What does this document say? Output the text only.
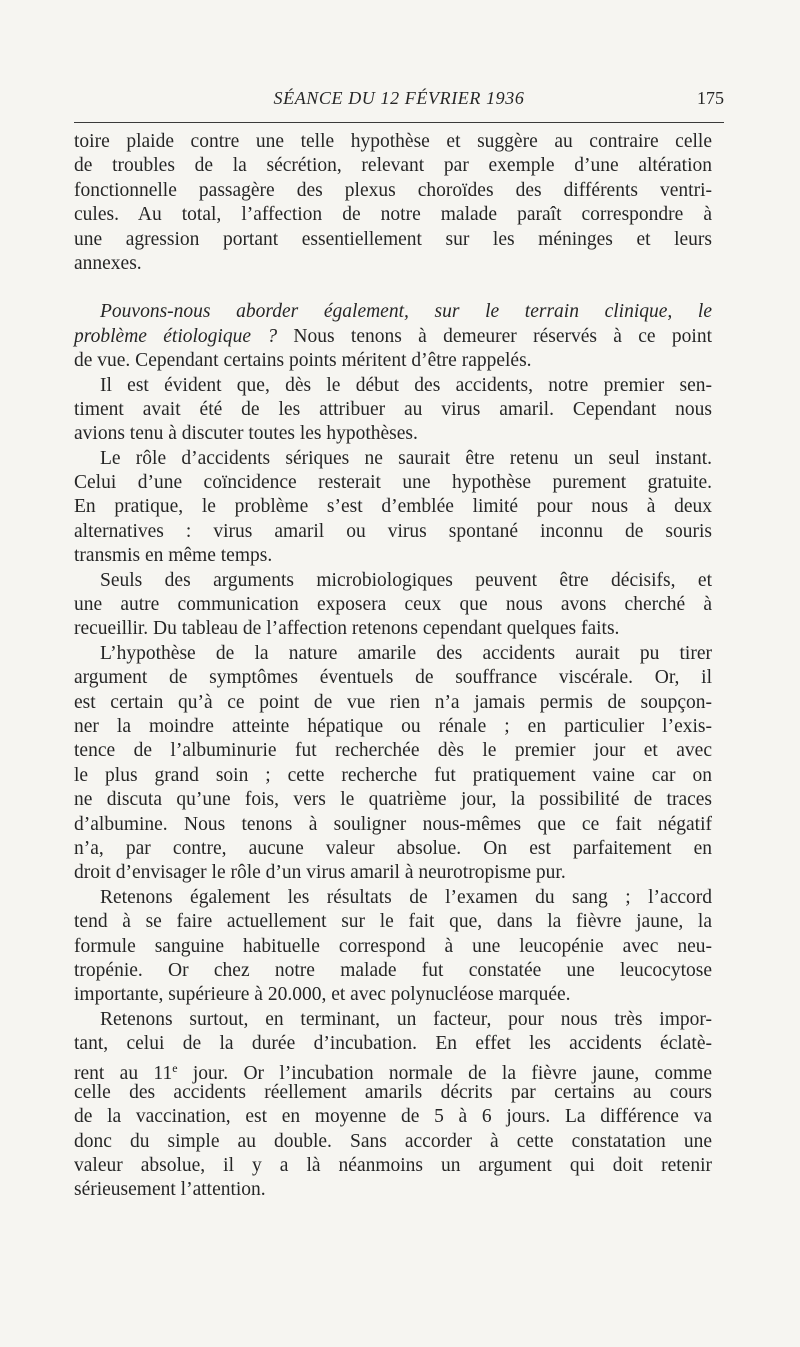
SÉANCE DU 12 FÉVRIER 1936	175
toire plaide contre une telle hypothèse et suggère au contraire celle
de troubles de la sécrétion, relevant par exemple d’une altération
fonctionnelle passagère des plexus choroïdes des différents ventri-
cules. Au total, l’affection de notre malade paraît correspondre à
une agression portant essentiellement sur les méninges et leurs
annexes.
Pouvons-nous aborder également, sur le terrain clinique, le
problème étiologique ? Nous tenons à demeurer réservés à ce point
de vue. Cependant certains points méritent d’être rappelés.
Il est évident que, dès le début des accidents, notre premier sen-
timent avait été de les attribuer au virus amaril. Cependant nous
avions tenu à discuter toutes les hypothèses.
Le rôle d’accidents sériques ne saurait être retenu un seul instant.
Celui d’une coïncidence resterait une hypothèse purement gratuite.
En pratique, le problème s’est d’emblée limité pour nous à deux
alternatives : virus amaril ou virus spontané inconnu de souris
transmis en même temps.
Seuls des arguments microbiologiques peuvent être décisifs, et
une autre communication exposera ceux que nous avons cherché à
recueillir. Du tableau de l’affection retenons cependant quelques faits.
L’hypothèse de la nature amarile des accidents aurait pu tirer
argument de symptômes éventuels de souffrance viscérale. Or, il
est certain qu’à ce point de vue rien n’a jamais permis de soupçon-
ner la moindre atteinte hépatique ou rénale ; en particulier l’exis-
tence de l’albuminurie fut recherchée dès le premier jour et avec
le plus grand soin ; cette recherche fut pratiquement vaine car on
ne discuta qu’une fois, vers le quatrième jour, la possibilité de traces
d’albumine. Nous tenons à souligner nous-mêmes que ce fait négatif
n’a, par contre, aucune valeur absolue. On est parfaitement en
droit d’envisager le rôle d’un virus amaril à neurotropisme pur.
Retenons également les résultats de l’examen du sang ; l’accord
tend à se faire actuellement sur le fait que, dans la fièvre jaune, la
formule sanguine habituelle correspond à une leucopénie avec neu-
tropénie. Or chez notre malade fut constatée une leucocytose
importante, supérieure à 20.000, et avec polynucléose marquée.
Retenons surtout, en terminant, un facteur, pour nous très impor-
tant, celui de la durée d’incubation. En effet les accidents éclatè-
rent au 11e jour. Or l’incubation normale de la fièvre jaune, comme
celle des accidents réellement amarils décrits par certains au cours
de la vaccination, est en moyenne de 5 à 6 jours. La différence va
donc du simple au double. Sans accorder à cette constatation une
valeur absolue, il y a là néanmoins un argument qui doit retenir
sérieusement l’attention.
